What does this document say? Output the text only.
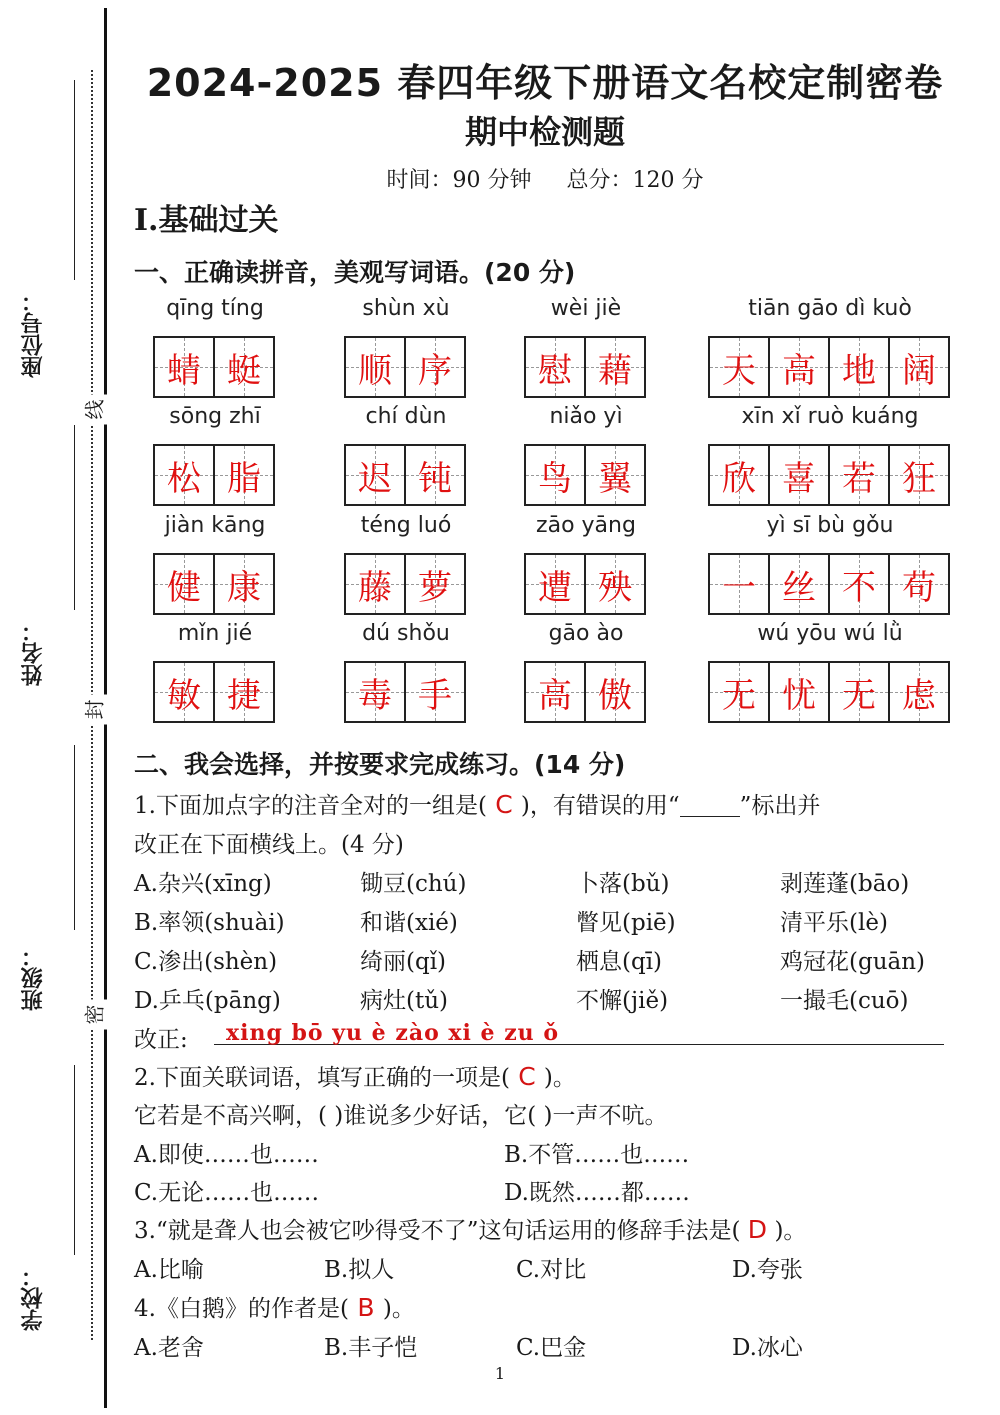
座位号：
姓名：
班级：
学校：
线
封
密
2024-2025 春四年级下册语文名校定制密卷
期中检测题
时间：90 分钟 总分：120 分
Ⅰ.基础过关
一、正确读拼音，美观写词语。(20 分)
qīng tíng
蜻 蜓
shùn xù
顺 序
wèi jiè
慰 藉
tiān gāo dì kuò
天 高 地 阔
sōng zhī
松 脂
chí dùn
迟 钝
niǎo yì
鸟 翼
xīn xǐ ruò kuáng
欣 喜 若 狂
jiàn kāng
健 康
téng luó
藤 萝
zāo yāng
遭 殃
yì sī bù gǒu
一 丝 不 苟
mǐn jié
敏 捷
dú shǒu
毒 手
gāo ào
高 傲
wú yōu wú lǜ
无 忧 无 虑
二、我会选择，并按要求完成练习。(14 分)
1.下面加点字的注音全对的一组是( C )，有错误的用“	”标出并
改正在下面横线上。(4 分)
A.杂兴(xīng)	锄豆(chú)	卜落(bǔ)	剥莲蓬(bāo)
B.率领(shuài)	和谐(xié)	瞥见(piē)	清平乐(lè)
C.渗出(shèn)	绮丽(qǐ)	栖息(qī)	鸡冠花(guān)
D.乒乓(pāng)	病灶(tǔ)	不懈(jiě)	一撮毛(cuō)
改正: xing bō yu è zào xi è zu ǒ
2.下面关联词语，填写正确的一项是( C )。
它若是不高兴啊，( )谁说多少好话，它( )一声不吭。
A.即使……也……	B.不管……也……
C.无论……也……	D.既然……都……
3.“就是聋人也会被它吵得受不了”这句话运用的修辞手法是( D )。
A.比喻	B.拟人	C.对比	D.夸张
4.《白鹅》的作者是( B )。
A.老舍	B.丰子恺	C.巴金	D.冰心
1
